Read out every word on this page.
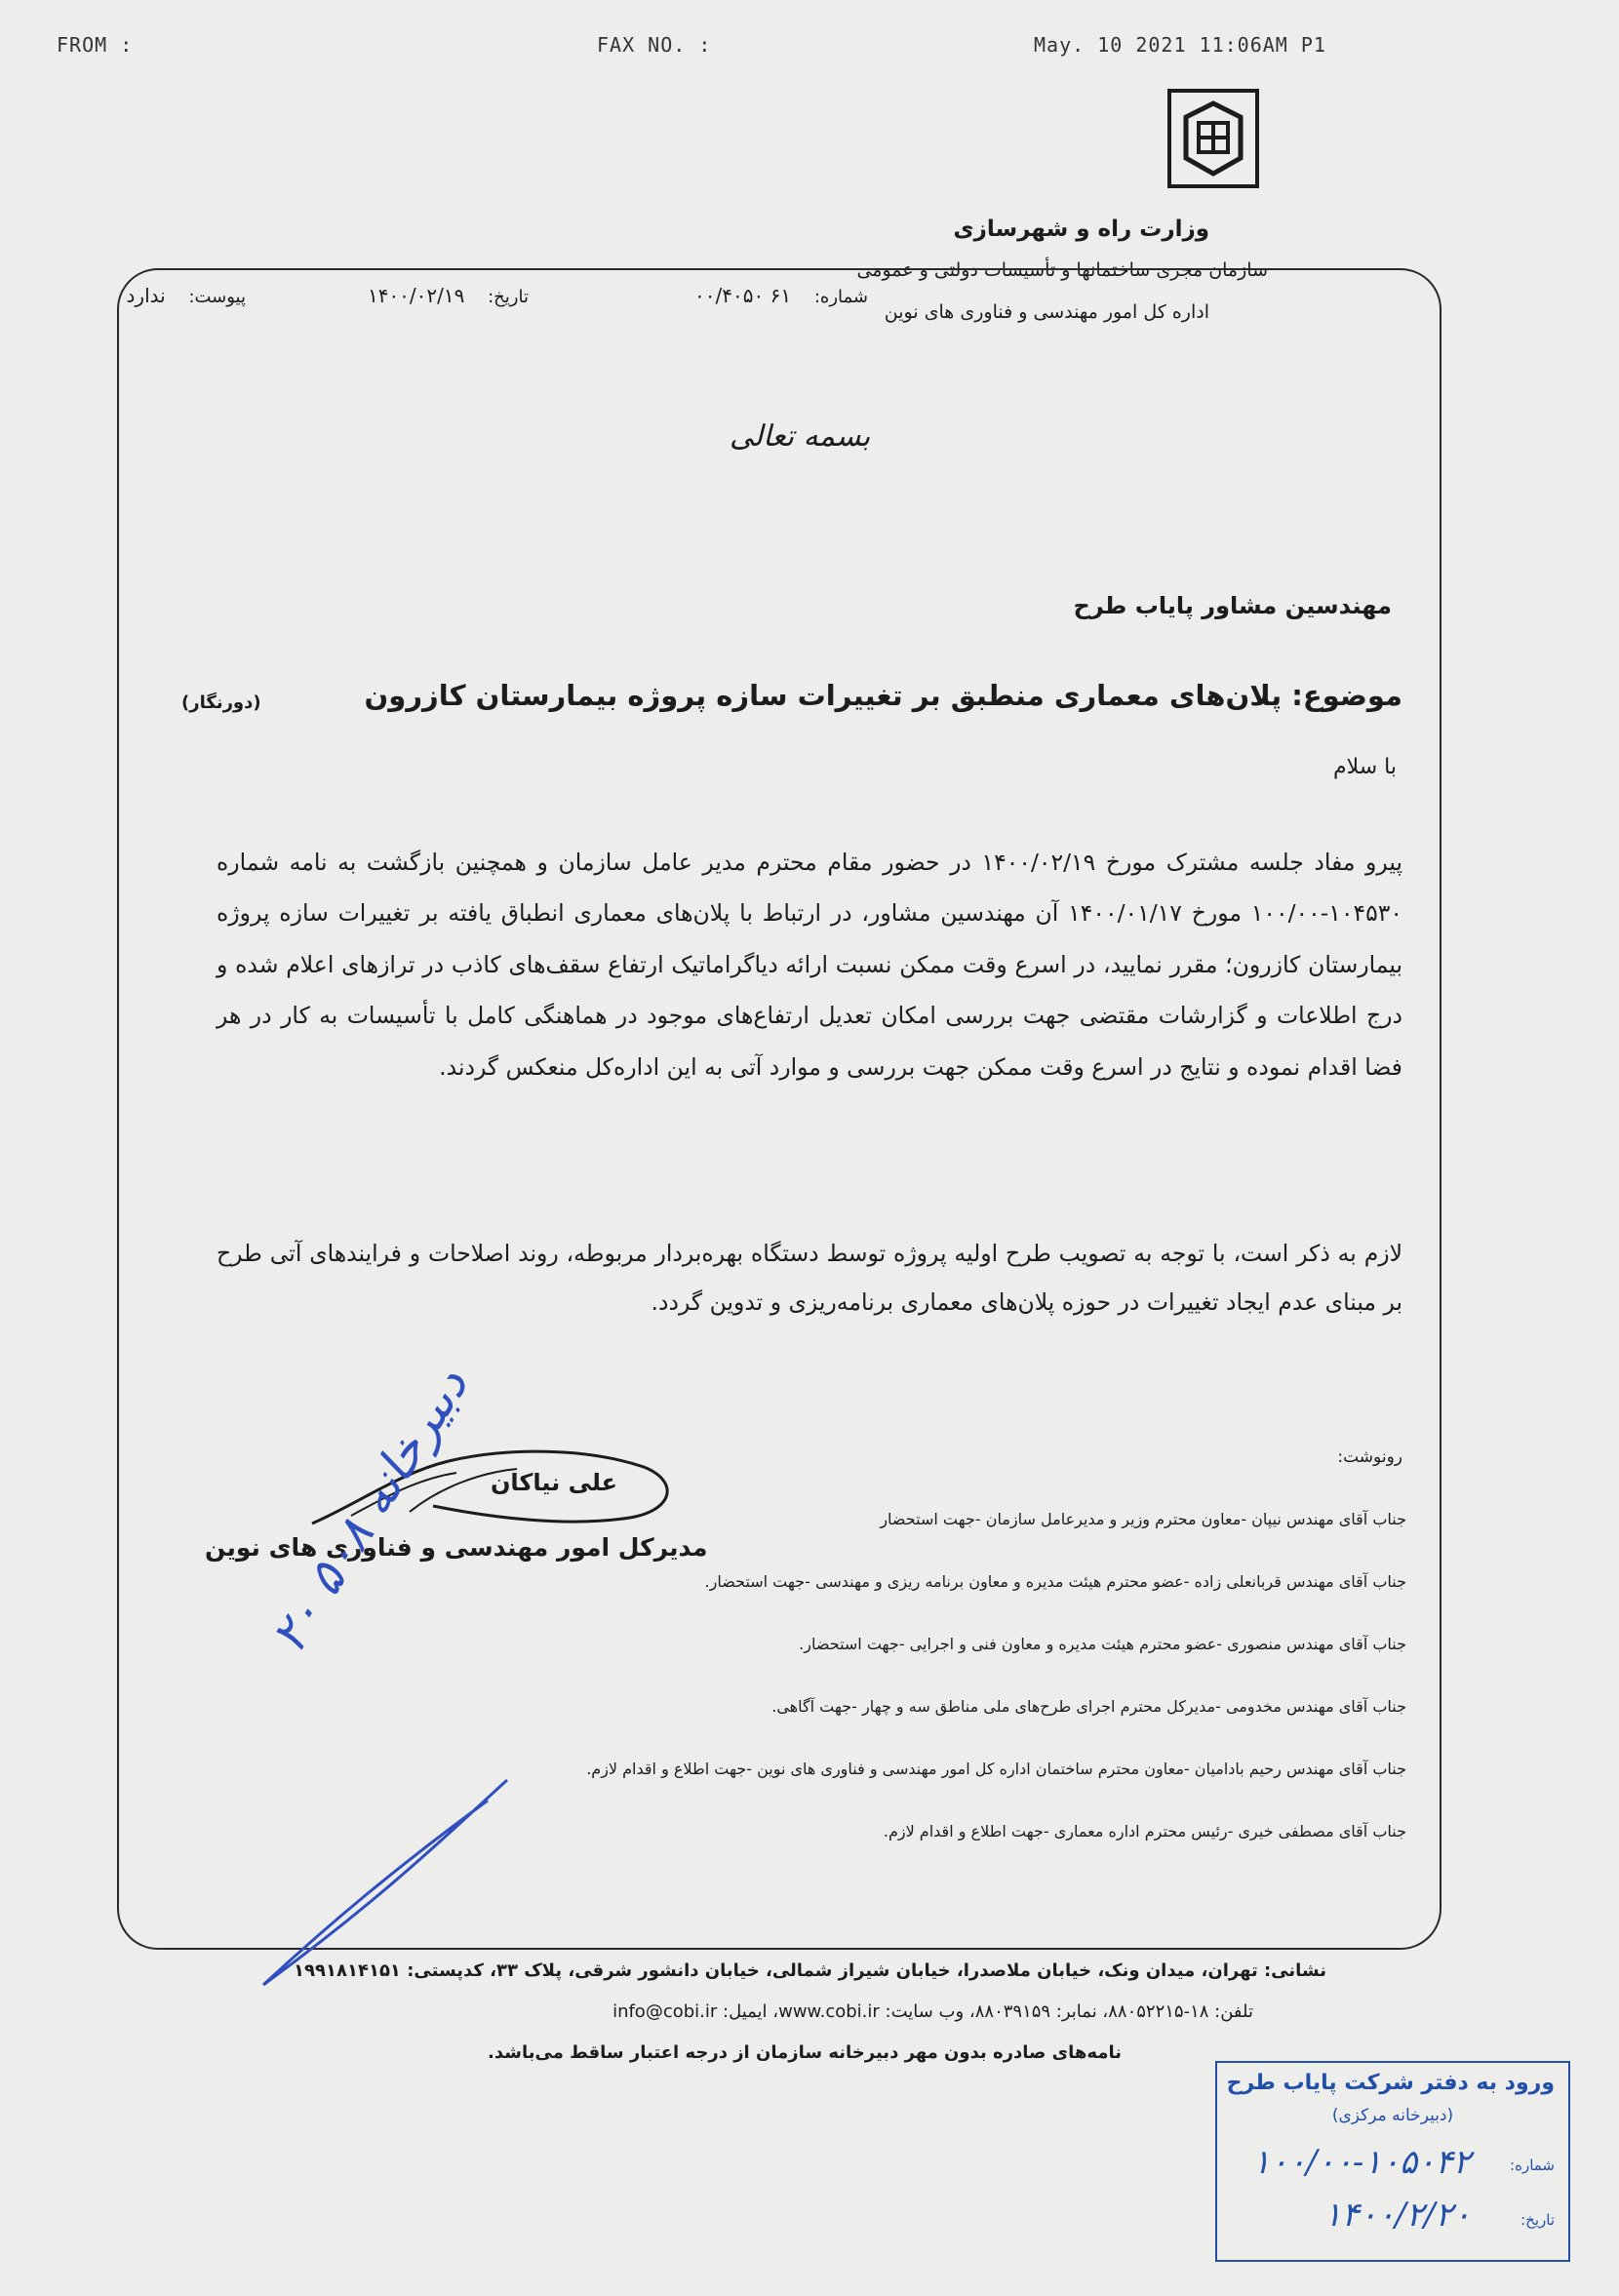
FROM :	FAX NO. :	May. 10 2021 11:06AM P1
وزارت راه و شهرسازی
سازمان مجری ساختمانها و تأسیسات دولتی و عمومی
اداره کل امور مهندسی و فناوری های نوین
شماره: ۶۱ ۰۰/۴۰۵۰
تاریخ: ۱۴۰۰/۰۲/۱۹
پیوست: ندارد
بسمه تعالی
مهندسین مشاور پایاب طرح
موضوع: پلان‌های معماری منطبق بر تغییرات سازه پروژه بیمارستان کازرون
(دورنگار)
با سلام

پیرو مفاد جلسه مشترک مورخ ۱۴۰۰/۰۲/۱۹ در حضور مقام محترم مدیر عامل سازمان و همچنین بازگشت به نامه شماره ۱۰۴۵۳۰-۱۰۰/۰۰ مورخ ۱۴۰۰/۰۱/۱۷ آن مهندسین مشاور، در ارتباط با پلان‌های معماری انطباق یافته بر تغییرات سازه پروژه بیمارستان کازرون؛ مقرر نمایید، در اسرع وقت ممکن نسبت ارائه دیاگراماتیک ارتفاع سقف‌های کاذب در ترازهای اعلام شده و درج اطلاعات و گزارشات مقتضی جهت بررسی امکان تعدیل ارتفاع‌های موجود در هماهنگی کامل با تأسیسات به کار در هر فضا اقدام نموده و نتایج در اسرع وقت ممکن جهت بررسی و موارد آتی به این اداره‌کل منعکس گردند.

لازم به ذکر است، با توجه به تصویب طرح اولیه پروژه توسط دستگاه بهره‌بردار مربوطه، روند اصلاحات و فرایندهای آتی طرح بر مبنای عدم ایجاد تغییرات در حوزه پلان‌های معماری برنامه‌ریزی و تدوین گردد.

رونوشت:
جناب آقای مهندس نیپان -معاون محترم وزیر و مدیرعامل سازمان -جهت استحضار
جناب آقای مهندس قربانعلی زاده -عضو محترم هیئت مدیره و معاون برنامه ریزی و مهندسی -جهت استحضار.
جناب آقای مهندس منصوری -عضو محترم هیئت مدیره و معاون فنی و اجرایی -جهت استحضار.
جناب آقای مهندس مخدومی -مدیرکل محترم اجرای طرح‌های ملی مناطق سه و چهار -جهت آگاهی.
جناب آقای مهندس رحیم بادامیان -معاون محترم ساختمان اداره کل امور مهندسی و فناوری های نوین -جهت اطلاع و اقدام لازم.
جناب آقای مصطفی خیری -رئیس محترم اداره معماری -جهت اطلاع و اقدام لازم.
علی نیاکان
مدیرکل امور مهندسی و فناوری های نوین
دبیرخانه ۵۰۸ ۲۰
نشانی: تهران، میدان ونک، خیابان ملاصدرا، خیابان شیراز شمالی، خیابان دانشور شرقی، پلاک ۳۳، کدپستی: ۱۹۹۱۸۱۴۱۵۱
تلفن: ۱۸-۸۸۰۵۲۲۱۵، نمابر: ۸۸۰۳۹۱۵۹، وب سایت: www.cobi.ir، ایمیل: info@cobi.ir
نامه‌های صادره بدون مهر دبیرخانه سازمان از درجه اعتبار ساقط می‌باشد.
ورود به دفتر شرکت پایاب طرح
(دبیرخانه مرکزی)
شماره:
۱۰۰/۰۰-۱۰۵۰۴۲
تاریخ:
۱۴۰۰/۲/۲۰
